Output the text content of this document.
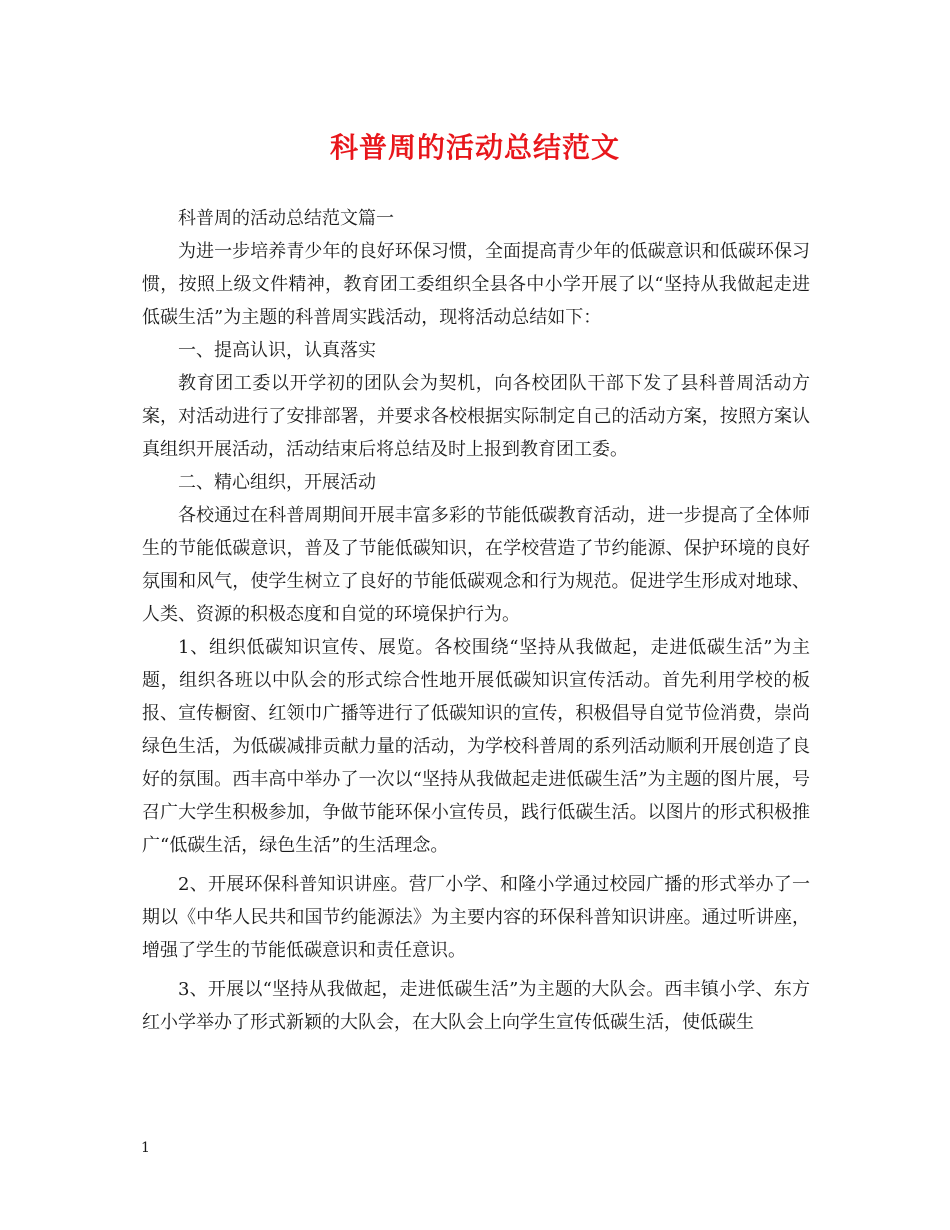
科普周的活动总结范文

科普周的活动总结范文篇一

为进一步培养青少年的良好环保习惯，全面提高青少年的低碳意识和低碳环保习惯，按照上级文件精神，教育团工委组织全县各中小学开展了以“坚持从我做起走进低碳生活”为主题的科普周实践活动，现将活动总结如下：

一、提高认识，认真落实

教育团工委以开学初的团队会为契机，向各校团队干部下发了县科普周活动方案，对活动进行了安排部署，并要求各校根据实际制定自己的活动方案，按照方案认真组织开展活动，活动结束后将总结及时上报到教育团工委。

二、精心组织，开展活动

各校通过在科普周期间开展丰富多彩的节能低碳教育活动，进一步提高了全体师生的节能低碳意识，普及了节能低碳知识，在学校营造了节约能源、保护环境的良好氛围和风气，使学生树立了良好的节能低碳观念和行为规范。促进学生形成对地球、人类、资源的积极态度和自觉的环境保护行为。

1、组织低碳知识宣传、展览。各校围绕“坚持从我做起，走进低碳生活”为主题，组织各班以中队会的形式综合性地开展低碳知识宣传活动。首先利用学校的板报、宣传橱窗、红领巾广播等进行了低碳知识的宣传，积极倡导自觉节俭消费，崇尚绿色生活，为低碳减排贡献力量的活动，为学校科普周的系列活动顺利开展创造了良好的氛围。西丰高中举办了一次以“坚持从我做起走进低碳生活”为主题的图片展，号召广大学生积极参加，争做节能环保小宣传员，践行低碳生活。以图片的形式积极推广“低碳生活，绿色生活”的生活理念。

2、开展环保科普知识讲座。营厂小学、和隆小学通过校园广播的形式举办了一期以《中华人民共和国节约能源法》为主要内容的环保科普知识讲座。通过听讲座，增强了学生的节能低碳意识和责任意识。

3、开展以“坚持从我做起，走进低碳生活”为主题的大队会。西丰镇小学、东方红小学举办了形式新颖的大队会，在大队会上向学生宣传低碳生活，使低碳生

1
